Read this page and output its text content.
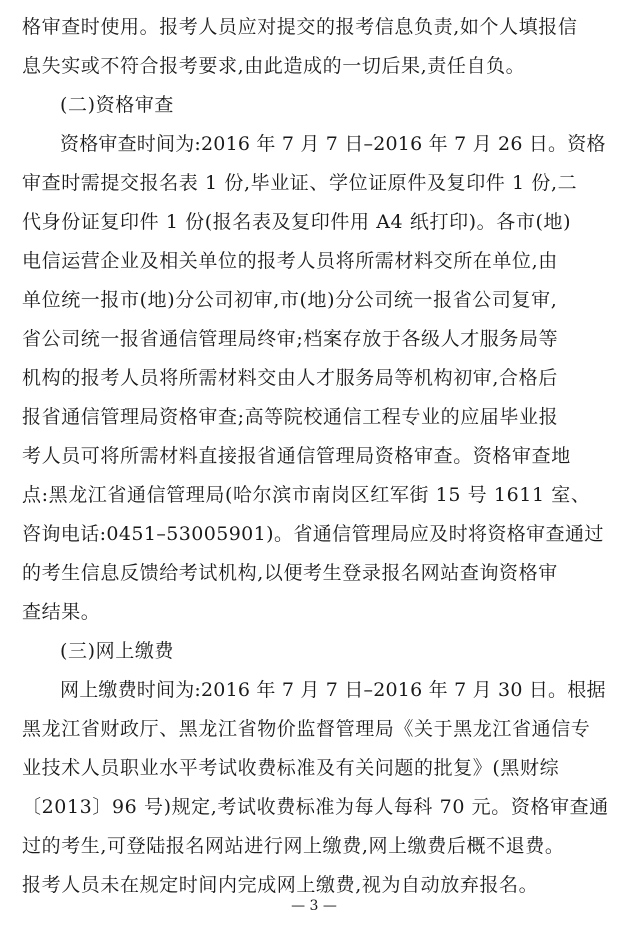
格审查时使用。报考人员应对提交的报考信息负责,如个人填报信
息失实或不符合报考要求,由此造成的一切后果,责任自负。
(二)资格审查
资格审查时间为:2016 年 7 月 7 日–2016 年 7 月 26 日。资格
审查时需提交报名表 1 份,毕业证、学位证原件及复印件 1 份,二
代身份证复印件 1 份(报名表及复印件用 A4 纸打印)。各市(地)
电信运营企业及相关单位的报考人员将所需材料交所在单位,由
单位统一报市(地)分公司初审,市(地)分公司统一报省公司复审,
省公司统一报省通信管理局终审;档案存放于各级人才服务局等
机构的报考人员将所需材料交由人才服务局等机构初审,合格后
报省通信管理局资格审查;高等院校通信工程专业的应届毕业报
考人员可将所需材料直接报省通信管理局资格审查。资格审查地
点:黑龙江省通信管理局(哈尔滨市南岗区红军街 15 号 1611 室、
咨询电话:0451–53005901)。省通信管理局应及时将资格审查通过
的考生信息反馈给考试机构,以便考生登录报名网站查询资格审
查结果。
(三)网上缴费
网上缴费时间为:2016 年 7 月 7 日–2016 年 7 月 30 日。根据
黑龙江省财政厅、黑龙江省物价监督管理局《关于黑龙江省通信专
业技术人员职业水平考试收费标准及有关问题的批复》(黑财综
〔2013〕96 号)规定,考试收费标准为每人每科 70 元。资格审查通
过的考生,可登陆报名网站进行网上缴费,网上缴费后概不退费。
报考人员未在规定时间内完成网上缴费,视为自动放弃报名。
— 3 —
